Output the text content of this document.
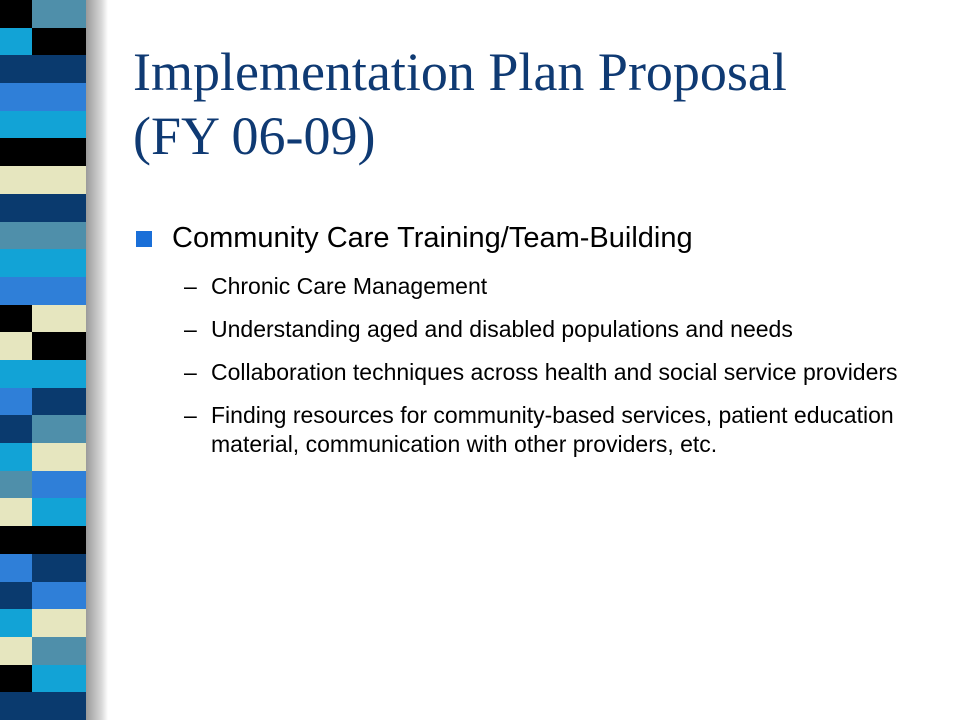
Implementation Plan Proposal
(FY 06-09)
Community Care Training/Team-Building
– Chronic Care Management
– Understanding aged and disabled populations and needs
– Collaboration techniques across health and social service providers
– Finding resources for community-based services, patient education material, communication with other providers, etc.
